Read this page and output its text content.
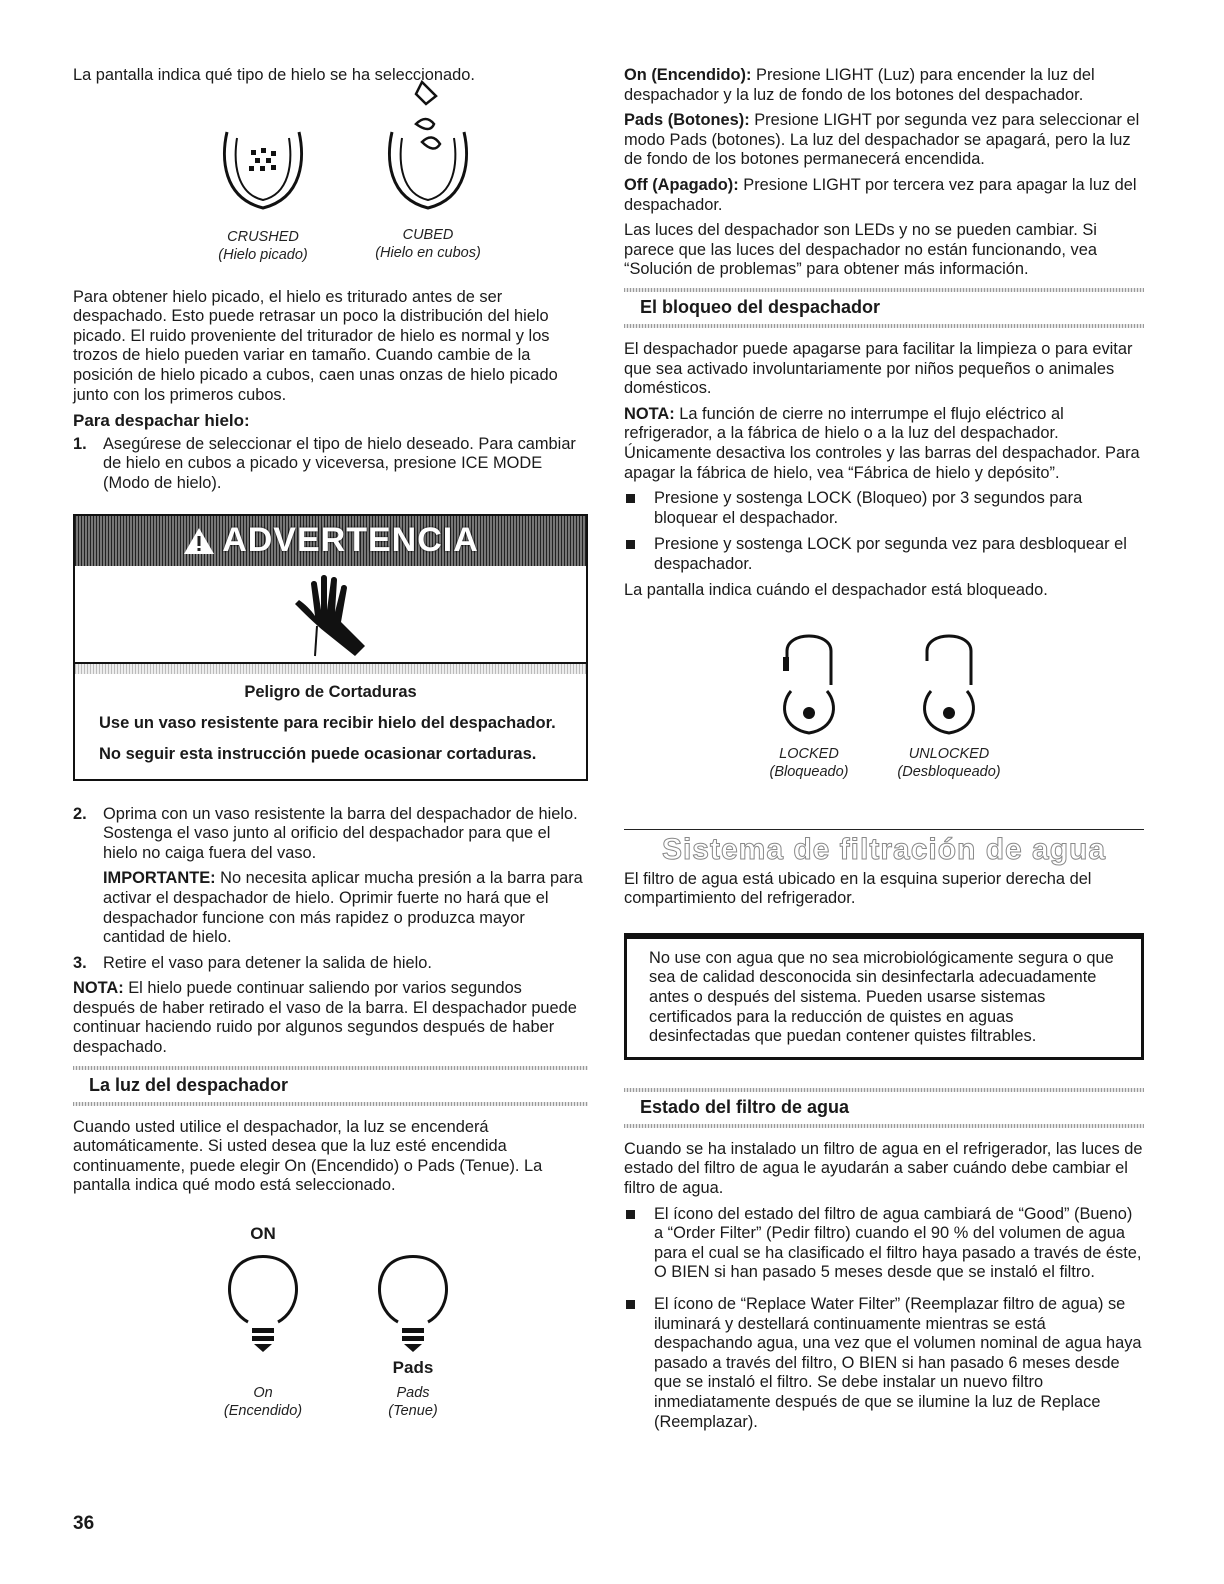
La pantalla indica qué tipo de hielo se ha seleccionado.

CRUSHED
(Hielo picado)
CUBED
(Hielo en cubos)

Para obtener hielo picado, el hielo es triturado antes de ser despachado. Esto puede retrasar un poco la distribución del hielo picado. El ruido proveniente del triturador de hielo es normal y los trozos de hielo pueden variar en tamaño. Cuando cambie de la posición de hielo picado a cubos, caen unas onzas de hielo picado junto con los primeros cubos.

Para despachar hielo:
1. Asegúrese de seleccionar el tipo de hielo deseado. Para cambiar de hielo en cubos a picado y viceversa, presione ICE MODE (Modo de hielo).
ADVERTENCIA
Peligro de Cortaduras

Use un vaso resistente para recibir hielo del despachador.

No seguir esta instrucción puede ocasionar cortaduras.

2. Oprima con un vaso resistente la barra del despachador de hielo. Sostenga el vaso junto al orificio del despachador para que el hielo no caiga fuera del vaso.

IMPORTANTE: No necesita aplicar mucha presión a la barra para activar el despachador de hielo. Oprimir fuerte no hará que el despachador funcione con más rapidez o produzca mayor cantidad de hielo.

3. Retire el vaso para detener la salida de hielo.

NOTA: El hielo puede continuar saliendo por varios segundos después de haber retirado el vaso de la barra. El despachador puede continuar haciendo ruido por algunos segundos después de haber despachado.

La luz del despachador

Cuando usted utilice el despachador, la luz se encenderá automáticamente. Si usted desea que la luz esté encendida continuamente, puede elegir On (Encendido) o Pads (Tenue). La pantalla indica qué modo está seleccionado.

ON
On
(Encendido)
Pads
Pads
(Tenue)

On (Encendido): Presione LIGHT (Luz) para encender la luz del despachador y la luz de fondo de los botones del despachador.

Pads (Botones): Presione LIGHT por segunda vez para seleccionar el modo Pads (botones). La luz del despachador se apagará, pero la luz de fondo de los botones permanecerá encendida.

Off (Apagado): Presione LIGHT por tercera vez para apagar la luz del despachador.

Las luces del despachador son LEDs y no se pueden cambiar. Si parece que las luces del despachador no están funcionando, vea “Solución de problemas” para obtener más información.

El bloqueo del despachador

El despachador puede apagarse para facilitar la limpieza o para evitar que sea activado involuntariamente por niños pequeños o animales domésticos.

NOTA: La función de cierre no interrumpe el flujo eléctrico al refrigerador, a la fábrica de hielo o a la luz del despachador. Únicamente desactiva los controles y las barras del despachador. Para apagar la fábrica de hielo, vea “Fábrica de hielo y depósito”.

Presione y sostenga LOCK (Bloqueo) por 3 segundos para bloquear el despachador.
Presione y sostenga LOCK por segunda vez para desbloquear el despachador.

La pantalla indica cuándo el despachador está bloqueado.

LOCKED
(Bloqueado)
UNLOCKED
(Desbloqueado)
Sistema de filtración de agua

El filtro de agua está ubicado en la esquina superior derecha del compartimiento del refrigerador.

No use con agua que no sea microbiológicamente segura o que sea de calidad desconocida sin desinfectarla adecuadamente antes o después del sistema. Pueden usarse sistemas certificados para la reducción de quistes en aguas desinfectadas que puedan contener quistes filtrables.

Estado del filtro de agua

Cuando se ha instalado un filtro de agua en el refrigerador, las luces de estado del filtro de agua le ayudarán a saber cuándo debe cambiar el filtro de agua.

El ícono del estado del filtro de agua cambiará de “Good” (Bueno) a “Order Filter” (Pedir filtro) cuando el 90 % del volumen de agua para el cual se ha clasificado el filtro haya pasado a través de éste, O BIEN si han pasado 5 meses desde que se instaló el filtro.
El ícono de “Replace Water Filter” (Reemplazar filtro de agua) se iluminará y destellará continuamente mientras se está despachando agua, una vez que el volumen nominal de agua haya pasado a través del filtro, O BIEN si han pasado 6 meses desde que se instaló el filtro. Se debe instalar un nuevo filtro inmediatamente después de que se ilumine la luz de Replace (Reemplazar).
36
